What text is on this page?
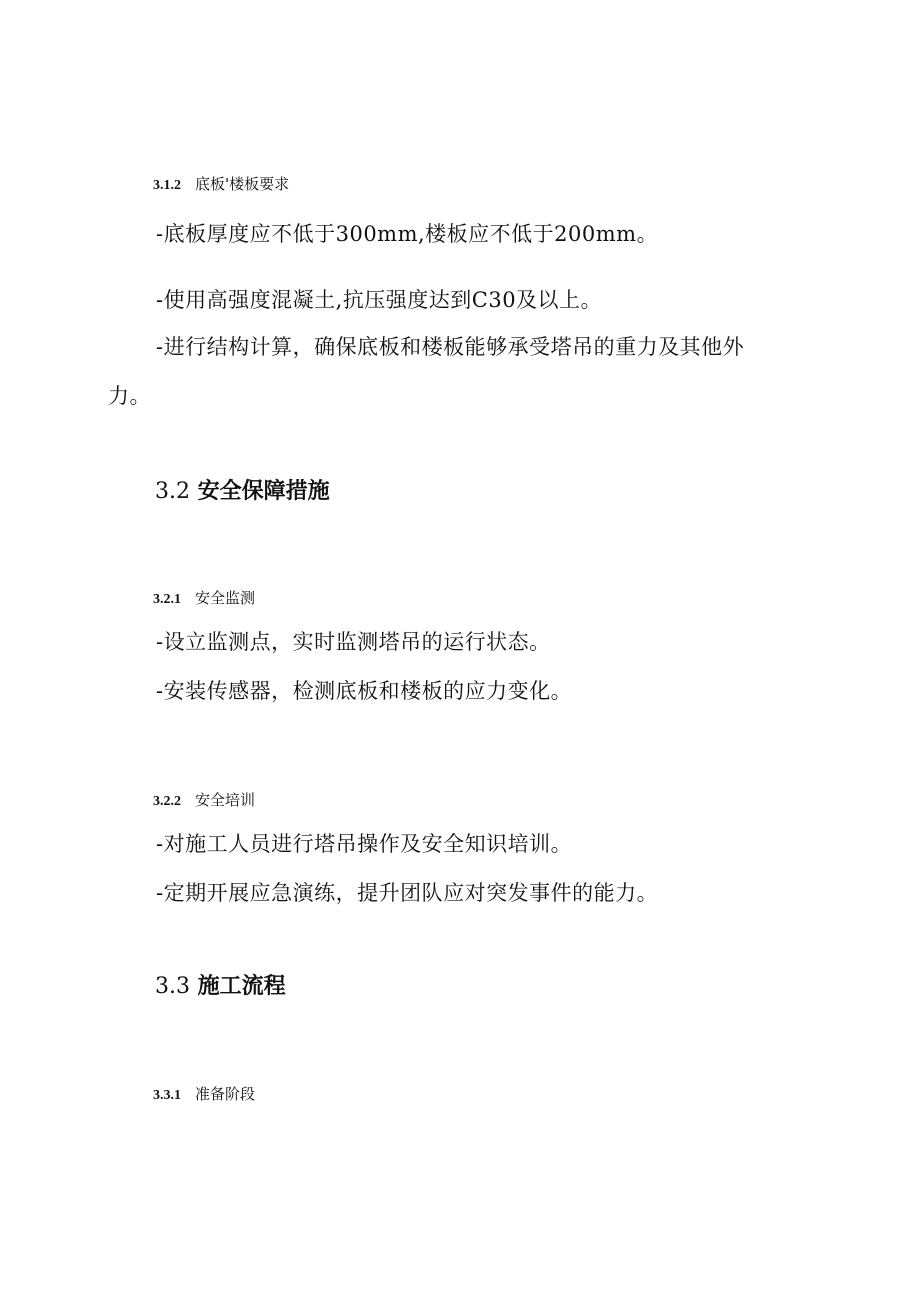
3.1.2 底板'楼板要求
-底板厚度应不低于300mm,楼板应不低于200mm。
-使用高强度混凝土,抗压强度达到C30及以上。
-进行结构计算，确保底板和楼板能够承受塔吊的重力及其他外
力。
3.2 安全保障措施
3.2.1 安全监测
-设立监测点，实时监测塔吊的运行状态。
-安装传感器，检测底板和楼板的应力变化。
3.2.2 安全培训
-对施工人员进行塔吊操作及安全知识培训。
-定期开展应急演练，提升团队应对突发事件的能力。
3.3 施工流程
3.3.1 准备阶段
